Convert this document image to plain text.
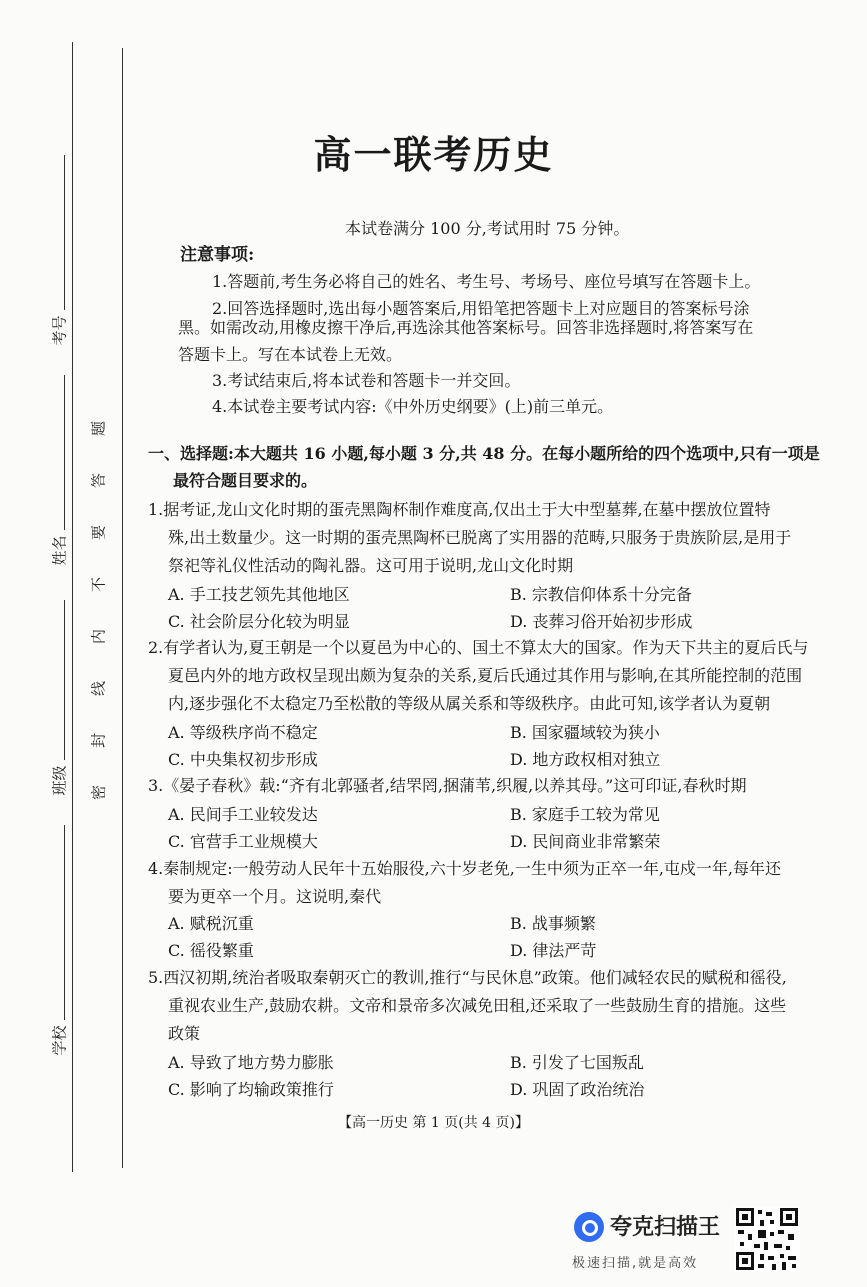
考号
姓名
班级
学校
题
答
要
不
内
线
封
密
高一联考历史
本试卷满分 100 分,考试用时 75 分钟。
注意事项:
1.答题前,考生务必将自己的姓名、考生号、考场号、座位号填写在答题卡上。
2.回答选择题时,选出每小题答案后,用铅笔把答题卡上对应题目的答案标号涂
黑。如需改动,用橡皮擦干净后,再选涂其他答案标号。回答非选择题时,将答案写在
答题卡上。写在本试卷上无效。
3.考试结束后,将本试卷和答题卡一并交回。
4.本试卷主要考试内容:《中外历史纲要》(上)前三单元。
一、选择题:本大题共 16 小题,每小题 3 分,共 48 分。在每小题所给的四个选项中,只有一项是
最符合题目要求的。
1.据考证,龙山文化时期的蛋壳黑陶杯制作难度高,仅出土于大中型墓葬,在墓中摆放位置特
殊,出土数量少。这一时期的蛋壳黑陶杯已脱离了实用器的范畴,只服务于贵族阶层,是用于
祭祀等礼仪性活动的陶礼器。这可用于说明,龙山文化时期
A. 手工技艺领先其他地区	B. 宗教信仰体系十分完备
C. 社会阶层分化较为明显	D. 丧葬习俗开始初步形成
2.有学者认为,夏王朝是一个以夏邑为中心的、国土不算太大的国家。作为天下共主的夏后氏与
夏邑内外的地方政权呈现出颇为复杂的关系,夏后氏通过其作用与影响,在其所能控制的范围
内,逐步强化不太稳定乃至松散的等级从属关系和等级秩序。由此可知,该学者认为夏朝
A. 等级秩序尚不稳定	B. 国家疆域较为狭小
C. 中央集权初步形成	D. 地方政权相对独立
3.《晏子春秋》载:“齐有北郭骚者,结罘罔,捆蒲苇,织履,以养其母。”这可印证,春秋时期
A. 民间手工业较发达	B. 家庭手工较为常见
C. 官营手工业规模大	D. 民间商业非常繁荣
4.秦制规定:一般劳动人民年十五始服役,六十岁老免,一生中须为正卒一年,屯戍一年,每年还
要为更卒一个月。这说明,秦代
A. 赋税沉重	B. 战事频繁
C. 徭役繁重	D. 律法严苛
5.西汉初期,统治者吸取秦朝灭亡的教训,推行“与民休息”政策。他们减轻农民的赋税和徭役,
重视农业生产,鼓励农耕。文帝和景帝多次减免田租,还采取了一些鼓励生育的措施。这些
政策
A. 导致了地方势力膨胀	B. 引发了七国叛乱
C. 影响了均输政策推行	D. 巩固了政治统治
【高一历史 第 1 页(共 4 页)】
夸克扫描王
极速扫描,就是高效
